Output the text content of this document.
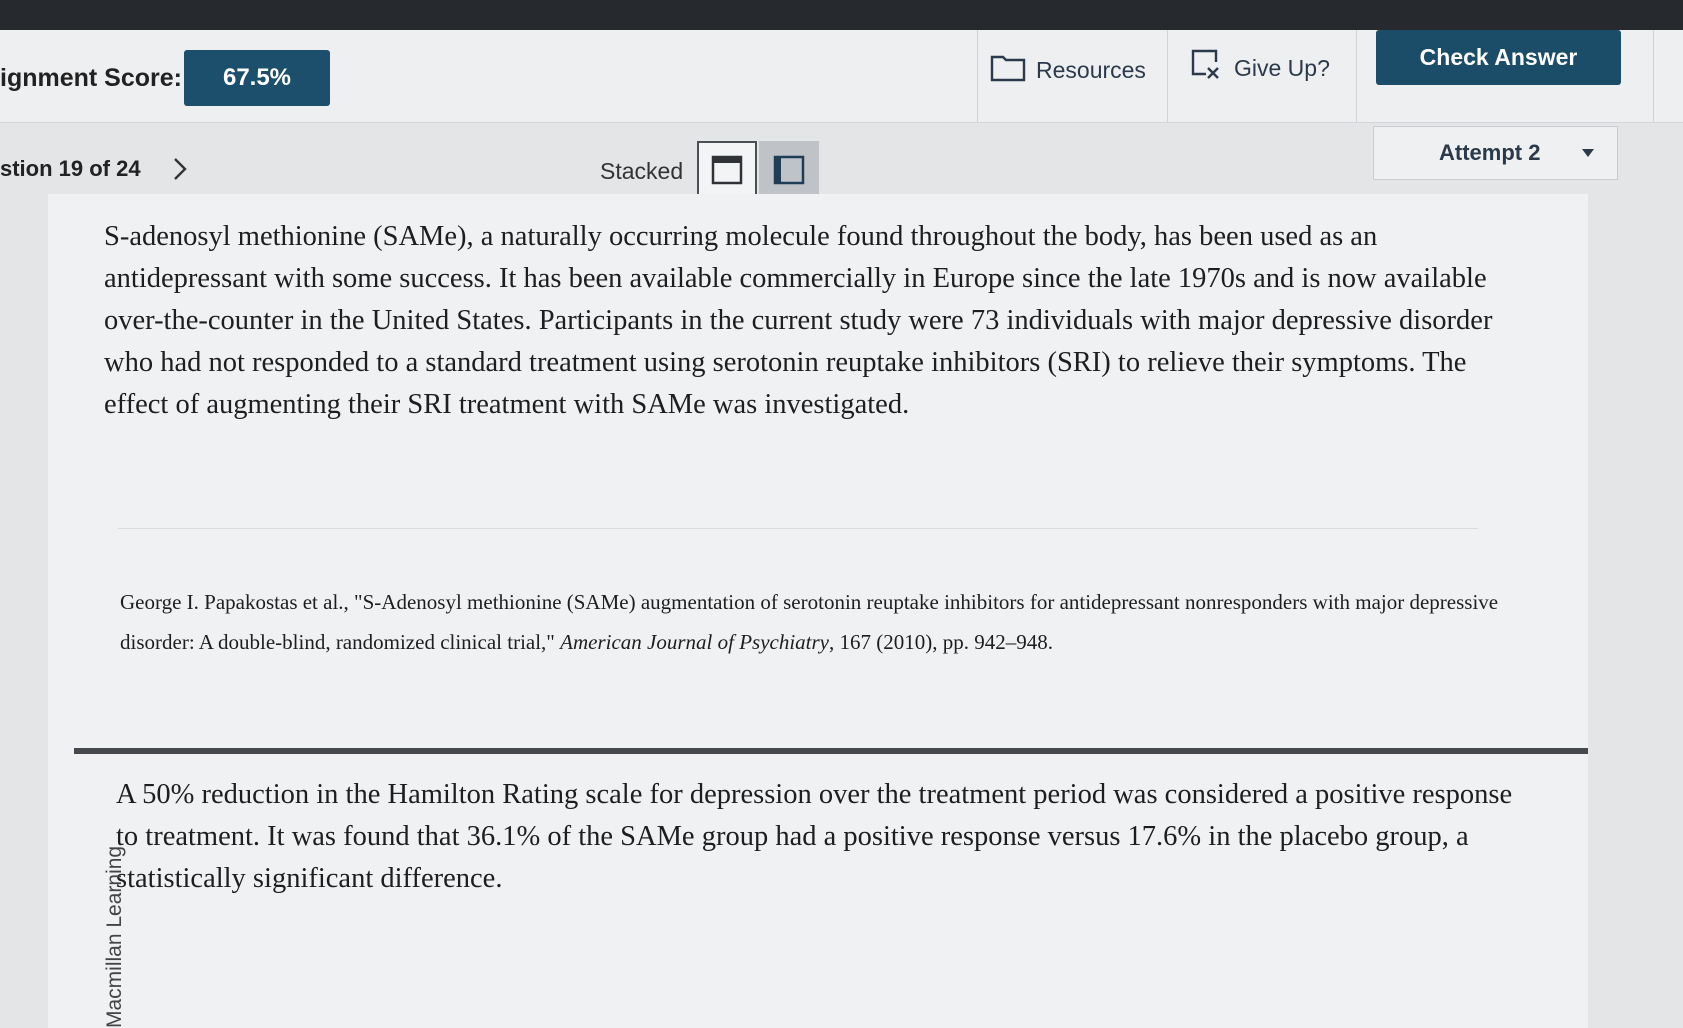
ignment Score:	67.5%	Resources	Give Up?	Check Answer
stion 19 of 24	Stacked
Attempt 2
S-adenosyl methionine (SAMe), a naturally occurring molecule found throughout the body, has been used as an antidepressant with some success. It has been available commercially in Europe since the late 1970s and is now available over-the-counter in the United States. Participants in the current study were 73 individuals with major depressive disorder who had not responded to a standard treatment using serotonin reuptake inhibitors (SRI) to relieve their symptoms. The effect of augmenting their SRI treatment with SAMe was investigated.
George I. Papakostas et al., "S-Adenosyl methionine (SAMe) augmentation of serotonin reuptake inhibitors for antidepressant nonresponders with major depressive disorder: A double-blind, randomized clinical trial," American Journal of Psychiatry, 167 (2010), pp. 942–948.
A 50% reduction in the Hamilton Rating scale for depression over the treatment period was considered a positive response to treatment. It was found that 36.1% of the SAMe group had a positive response versus 17.6% in the placebo group, a statistically significant difference.
Macmillan Learning
